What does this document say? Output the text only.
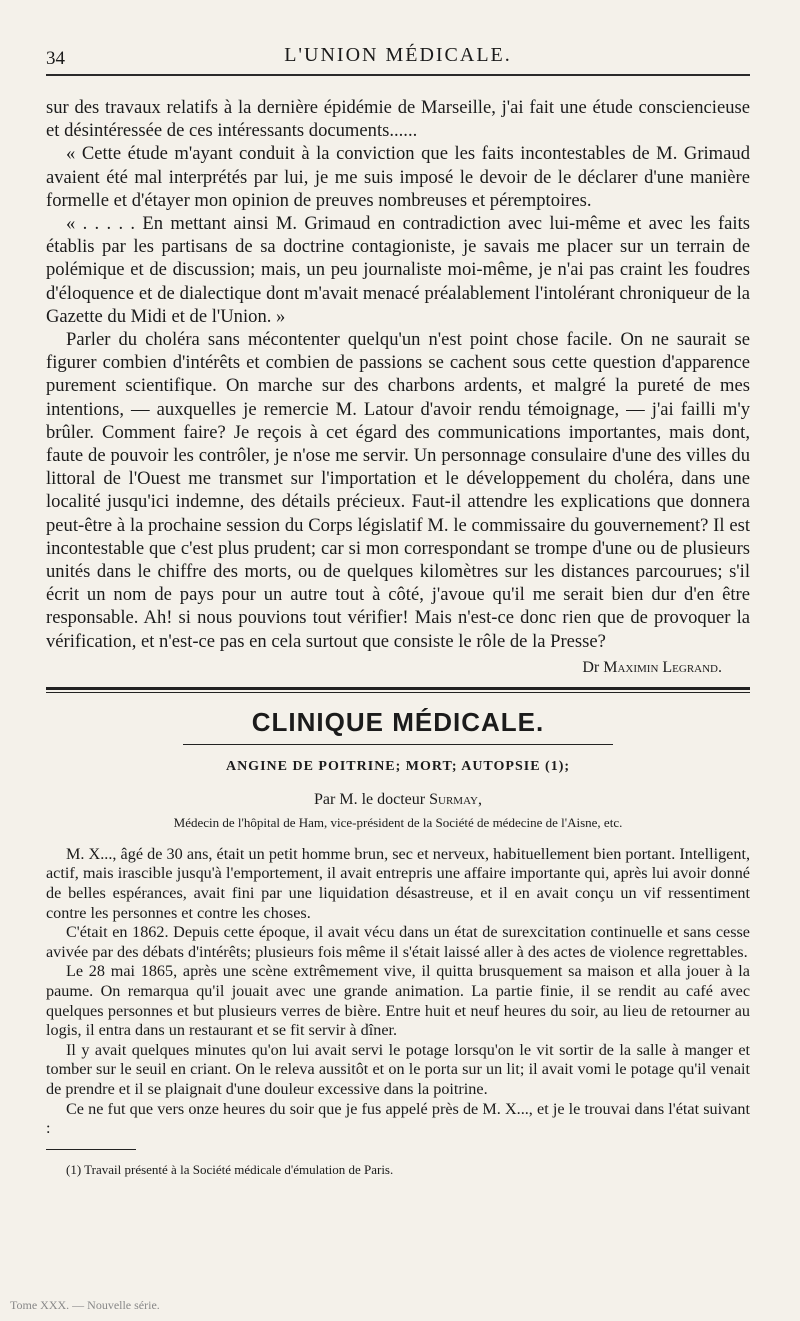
34	L'UNION MÉDICALE.

sur des travaux relatifs à la dernière épidémie de Marseille, j'ai fait une étude consciencieuse et désintéressée de ces intéressants documents......

« Cette étude m'ayant conduit à la conviction que les faits incontestables de M. Grimaud avaient été mal interprétés par lui, je me suis imposé le devoir de le déclarer d'une manière formelle et d'étayer mon opinion de preuves nombreuses et péremptoires.

« . . . . . En mettant ainsi M. Grimaud en contradiction avec lui-même et avec les faits établis par les partisans de sa doctrine contagioniste, je savais me placer sur un terrain de polémique et de discussion; mais, un peu journaliste moi-même, je n'ai pas craint les foudres d'éloquence et de dialectique dont m'avait menacé préalablement l'intolérant chroniqueur de la Gazette du Midi et de l'Union. »

Parler du choléra sans mécontenter quelqu'un n'est point chose facile. On ne saurait se figurer combien d'intérêts et combien de passions se cachent sous cette question d'apparence purement scientifique. On marche sur des charbons ardents, et malgré la pureté de mes intentions, — auxquelles je remercie M. Latour d'avoir rendu témoignage, — j'ai failli m'y brûler. Comment faire? Je reçois à cet égard des communications importantes, mais dont, faute de pouvoir les contrôler, je n'ose me servir. Un personnage consulaire d'une des villes du littoral de l'Ouest me transmet sur l'importation et le développement du choléra, dans une localité jusqu'ici indemne, des détails précieux. Faut-il attendre les explications que donnera peut-être à la prochaine session du Corps législatif M. le commissaire du gouvernement? Il est incontestable que c'est plus prudent; car si mon correspondant se trompe d'une ou de plusieurs unités dans le chiffre des morts, ou de quelques kilomètres sur les distances parcourues; s'il écrit un nom de pays pour un autre tout à côté, j'avoue qu'il me serait bien dur d'en être responsable. Ah! si nous pouvions tout vérifier! Mais n'est-ce donc rien que de provoquer la vérification, et n'est-ce pas en cela surtout que consiste le rôle de la Presse?

Dr Maximin Legrand.
CLINIQUE MÉDICALE.
ANGINE DE POITRINE; MORT; AUTOPSIE (1);
Par M. le docteur Surmay,
Médecin de l'hôpital de Ham, vice-président de la Société de médecine de l'Aisne, etc.

M. X..., âgé de 30 ans, était un petit homme brun, sec et nerveux, habituellement bien portant. Intelligent, actif, mais irascible jusqu'à l'emportement, il avait entrepris une affaire importante qui, après lui avoir donné de belles espérances, avait fini par une liquidation désastreuse, et il en avait conçu un vif ressentiment contre les personnes et contre les choses.

C'était en 1862. Depuis cette époque, il avait vécu dans un état de surexcitation continuelle et sans cesse avivée par des débats d'intérêts; plusieurs fois même il s'était laissé aller à des actes de violence regrettables.

Le 28 mai 1865, après une scène extrêmement vive, il quitta brusquement sa maison et alla jouer à la paume. On remarqua qu'il jouait avec une grande animation. La partie finie, il se rendit au café avec quelques personnes et but plusieurs verres de bière. Entre huit et neuf heures du soir, au lieu de retourner au logis, il entra dans un restaurant et se fit servir à dîner.

Il y avait quelques minutes qu'on lui avait servi le potage lorsqu'on le vit sortir de la salle à manger et tomber sur le seuil en criant. On le releva aussitôt et on le porta sur un lit; il avait vomi le potage qu'il venait de prendre et il se plaignait d'une douleur excessive dans la poitrine.

Ce ne fut que vers onze heures du soir que je fus appelé près de M. X..., et je le trouvai dans l'état suivant :

(1) Travail présenté à la Société médicale d'émulation de Paris.
Tome XXX. — Nouvelle série.
